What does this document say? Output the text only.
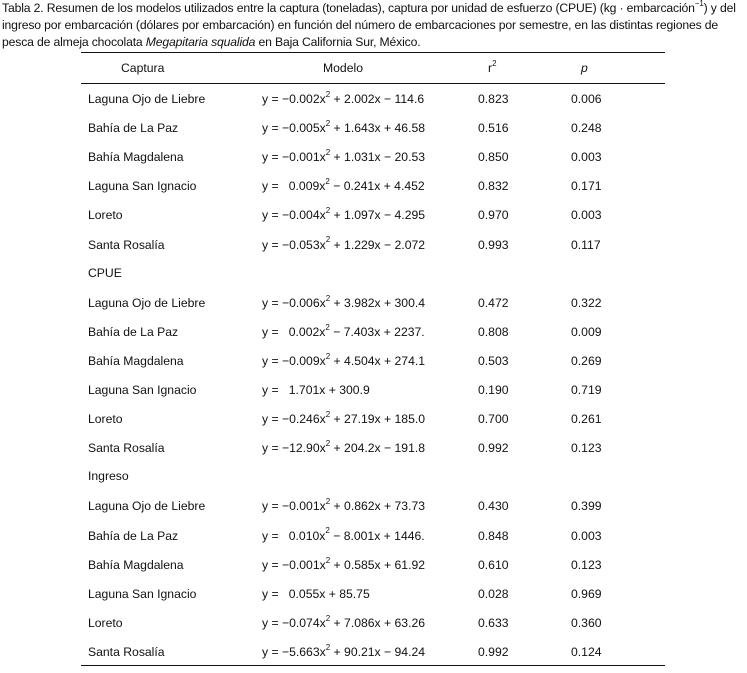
Tabla 2. Resumen de los modelos utilizados entre la captura (toneladas), captura por unidad de esfuerzo (CPUE) (kg · embarcación$^{-1}$) y del ingreso por embarcación (dólares por embarcación) en función del número de embarcaciones por semestre, en las distintas regiones de pesca de almeja chocolata Megapitaria squalida en Baja California Sur, México.
Captura	Modelo	$r^2$	p
Laguna Ojo de Liebre	$y = -0.002x^2 + 2.002x - 114.6$	0.823	0.006
Bahía de La Paz	$y = -0.005x^2 + 1.643x + 46.58$	0.516	0.248
Bahía Magdalena	$y = -0.001x^2 + 1.031x - 20.53$	0.850	0.003
Laguna San Ignacio	$y = 0.009x^2 - 0.241x + 4.452$	0.832	0.171
Loreto	$y = -0.004x^2 + 1.097x - 4.295$	0.970	0.003
Santa Rosalía	$y = -0.053x^2 + 1.229x - 2.072$	0.993	0.117
CPUE
Laguna Ojo de Liebre	$y = -0.006x^2 + 3.982x + 300.4$	0.472	0.322
Bahía de La Paz	$y = 0.002x^2 - 7.403x + 2237$.	0.808	0.009
Bahía Magdalena	$y = -0.009x^2 + 4.504x + 274.1$	0.503	0.269
Laguna San Ignacio	y =   1.701x + 300.9	0.190	0.719
Loreto	$y = -0.246x^2 + 27.19x + 185.0$	0.700	0.261
Santa Rosalía	$y = -12.90x^2 + 204.2x - 191.8$	0.992	0.123
Ingreso
Laguna Ojo de Liebre	$y = -0.001x^2 + 0.862x + 73.73$	0.430	0.399
Bahía de La Paz	$y = 0.010x^2 - 8.001x + 1446$.	0.848	0.003
Bahía Magdalena	$y = -0.001x^2 + 0.585x + 61.92$	0.610	0.123
Laguna San Ignacio	y =   0.055x + 85.75	0.028	0.969
Loreto	$y = -0.074x^2 + 7.086x + 63.26$	0.633	0.360
Santa Rosalía	$y = -5.663x^2 + 90.21x - 94.24$	0.992	0.124
